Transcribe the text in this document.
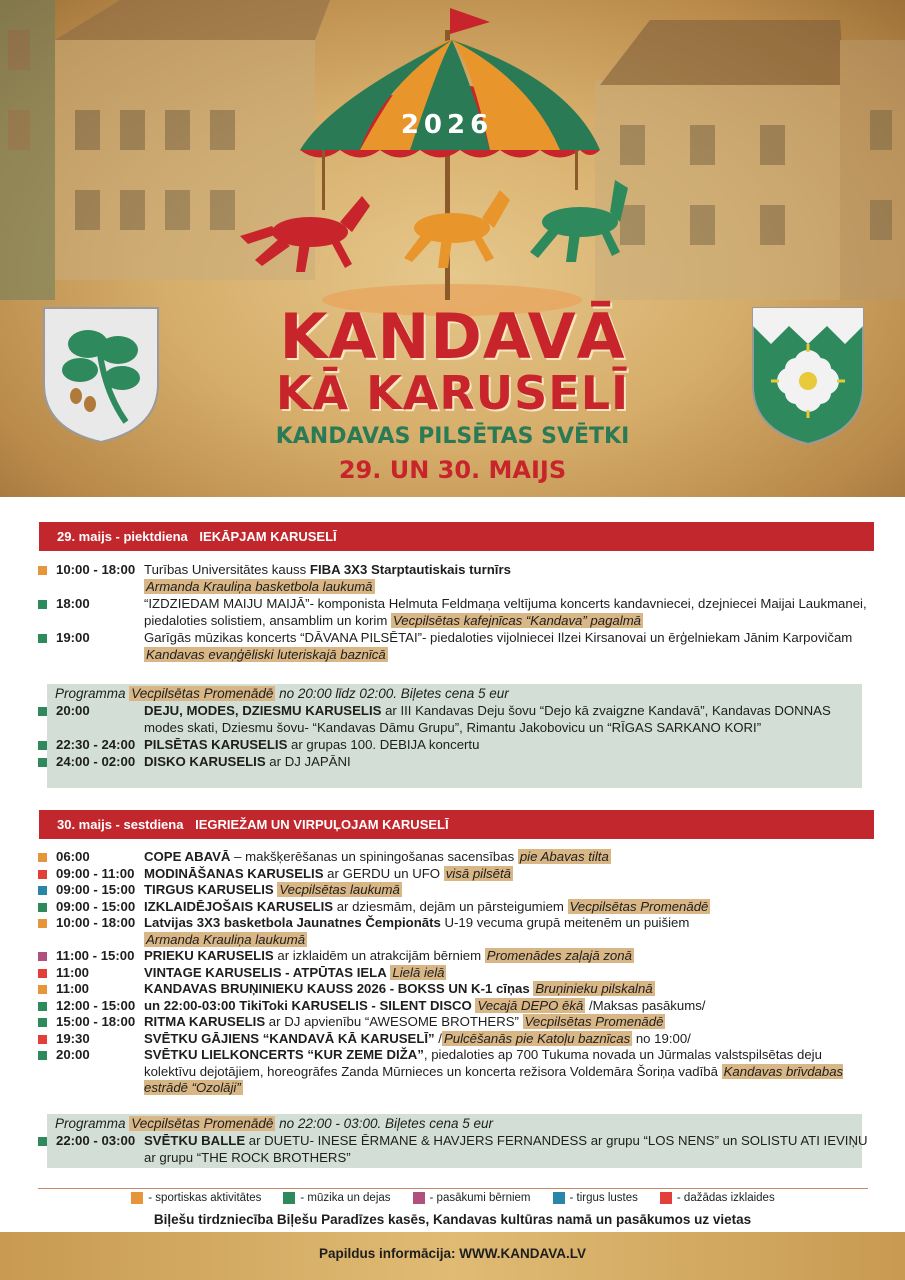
2026
KANDAVĀ
KĀ KARUSELĪ
KANDAVAS PILSĒTAS SVĒTKI
29. UN 30. MAIJS
29. maijs - piektdiena IEKĀPJAM KARUSELĪ
10:00 - 18:00 Turības Universitātes kauss FIBA 3X3 Starptautiskais turnīrs
Armanda Krauliņa basketbola laukumā
18:00	“IZDZIEDAM MAIJU MAIJĀ”- komponista Helmuta Feldmaņa veltījuma koncerts kandavniecei, dzejniecei Maijai Laukmanei, piedaloties solistiem, ansamblim un korim Vecpilsētas kafejnīcas “Kandava” pagalmā
19:00	Garīgās mūzikas koncerts “DĀVANA PILSĒTAI”- piedaloties vijolniecei Ilzei Kirsanovai un ērģelniekam Jānim Karpovičam Kandavas evaņģēliski luteriskajā baznīcā
Programma Vecpilsētas Promenādē no 20:00 līdz 02:00. Biļetes cena 5 eur
20:00	DEJU, MODES, DZIESMU KARUSELIS ar III Kandavas Deju šovu “Dejo kā zvaigzne Kandavā”, Kandavas DONNAS modes skati, Dziesmu šovu- “Kandavas Dāmu Grupu”, Rimantu Jakobovicu un “RĪGAS SARKANO KORI”
22:30 - 24:00 PILSĒTAS KARUSELIS ar grupas 100. DEBIJA koncertu
24:00 - 02:00 DISKO KARUSELIS ar DJ JAPĀNI
30. maijs - sestdiena IEGRIEŽAM UN VIRPUĻOJAM KARUSELĪ
06:00	COPE ABAVĀ – makšķerēšanas un spiningošanas sacensības pie Abavas tilta
09:00 - 11:00 MODINĀŠANAS KARUSELIS ar GERDU un UFO visā pilsētā
09:00 - 15:00 TIRGUS KARUSELIS Vecpilsētas laukumā
09:00 - 15:00 IZKLAIDĒJOŠAIS KARUSELIS ar dziesmām, dejām un pārsteigumiem Vecpilsētas Promenādē
10:00 - 18:00 Latvijas 3X3 basketbola Jaunatnes Čempionāts U-19 vecuma grupā meitenēm un puišiem
Armanda Krauliņa laukumā
11:00 - 15:00 PRIEKU KARUSELIS ar izklaidēm un atrakcijām bērniem Promenādes zaļajā zonā
11:00	VINTAGE KARUSELIS - ATPŪTAS IELA Lielā ielā
11:00	KANDAVAS BRUŅINIEKU KAUSS 2026 - BOKSS UN K-1 cīņas Bruņinieku pilskalnā
12:00 - 15:00 un 22:00-03:00 TikiToki KARUSELIS - SILENT DISCO Vecajā DEPO ēkā /Maksas pasākums/
15:00 - 18:00 RITMA KARUSELIS ar DJ apvienību “AWESOME BROTHERS” Vecpilsētas Promenādē
19:30	SVĒTKU GĀJIENS “KANDAVĀ KĀ KARUSELĪ” / Pulcēšanās pie Katoļu baznīcas no 19:00/
20:00	SVĒTKU LIELKONCERTS “KUR ZEME DIŽA”, piedaloties ap 700 Tukuma novada un Jūrmalas valstspilsētas deju kolektīvu dejotājiem, horeogrāfes Zanda Mūrnieces un koncerta režisora Voldemāra Šoriņa vadībā Kandavas brīvdabas estrādē “Ozolāji”
Programma Vecpilsētas Promenādē no 22:00 - 03:00. Biļetes cena 5 eur
22:00 - 03:00 SVĒTKU BALLE ar DUETU- INESE ĒRMANE & HAVJERS FERNANDESS ar grupu “LOS NENS” un SOLISTU ATI IEVIŅU ar grupu “THE ROCK BROTHERS”
- sportiskas aktivitātes	- mūzika un dejas	- pasākumi bērniem	- tirgus lustes	- dažādas izklaides
Biļešu tirdzniecība Biļešu Paradīzes kasēs, Kandavas kultūras namā un pasākumos uz vietas
Papildus informācija: WWW.KANDAVA.LV
